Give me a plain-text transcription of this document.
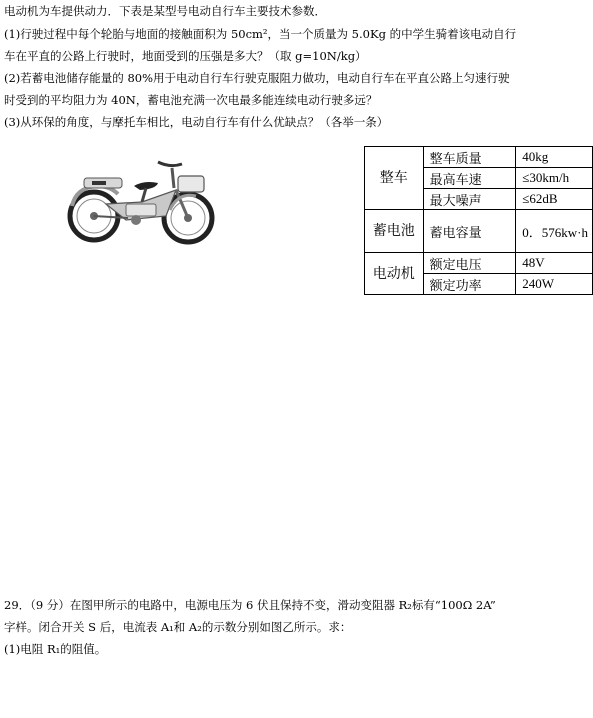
电动机为车提供动力．下表是某型号电动自行车主要技术参数．
(1)行驶过程中每个轮胎与地面的接触面积为 50cm²，当一个质量为 5.0Kg 的中学生骑着该电动自行
车在平直的公路上行驶时，地面受到的压强是多大？（取 g=10N/kg）
(2)若蓄电池储存能量的 80%用于电动自行车行驶克服阻力做功，电动自行车在平直公路上匀速行驶
时受到的平均阻力为 40N，蓄电池充满一次电最多能连续电动行驶多远？
(3)从环保的角度，与摩托车相比，电动自行车有什么优缺点？（各举一条）
整车	整车质量	40kg
	最高车速	≤30km/h
	最大噪声	≤62dB
蓄电池	蓄电容量	0．576kw·h
电动机	额定电压	48V
	额定功率	240W
29．（9 分）在图甲所示的电路中，电源电压为 6 伏且保持不变，滑动变阻器 R₂标有“100Ω 2A”
字样。闭合开关 S 后，电流表 A₁和 A₂的示数分别如图乙所示。求：
(1)电阻 R₁的阻值。
